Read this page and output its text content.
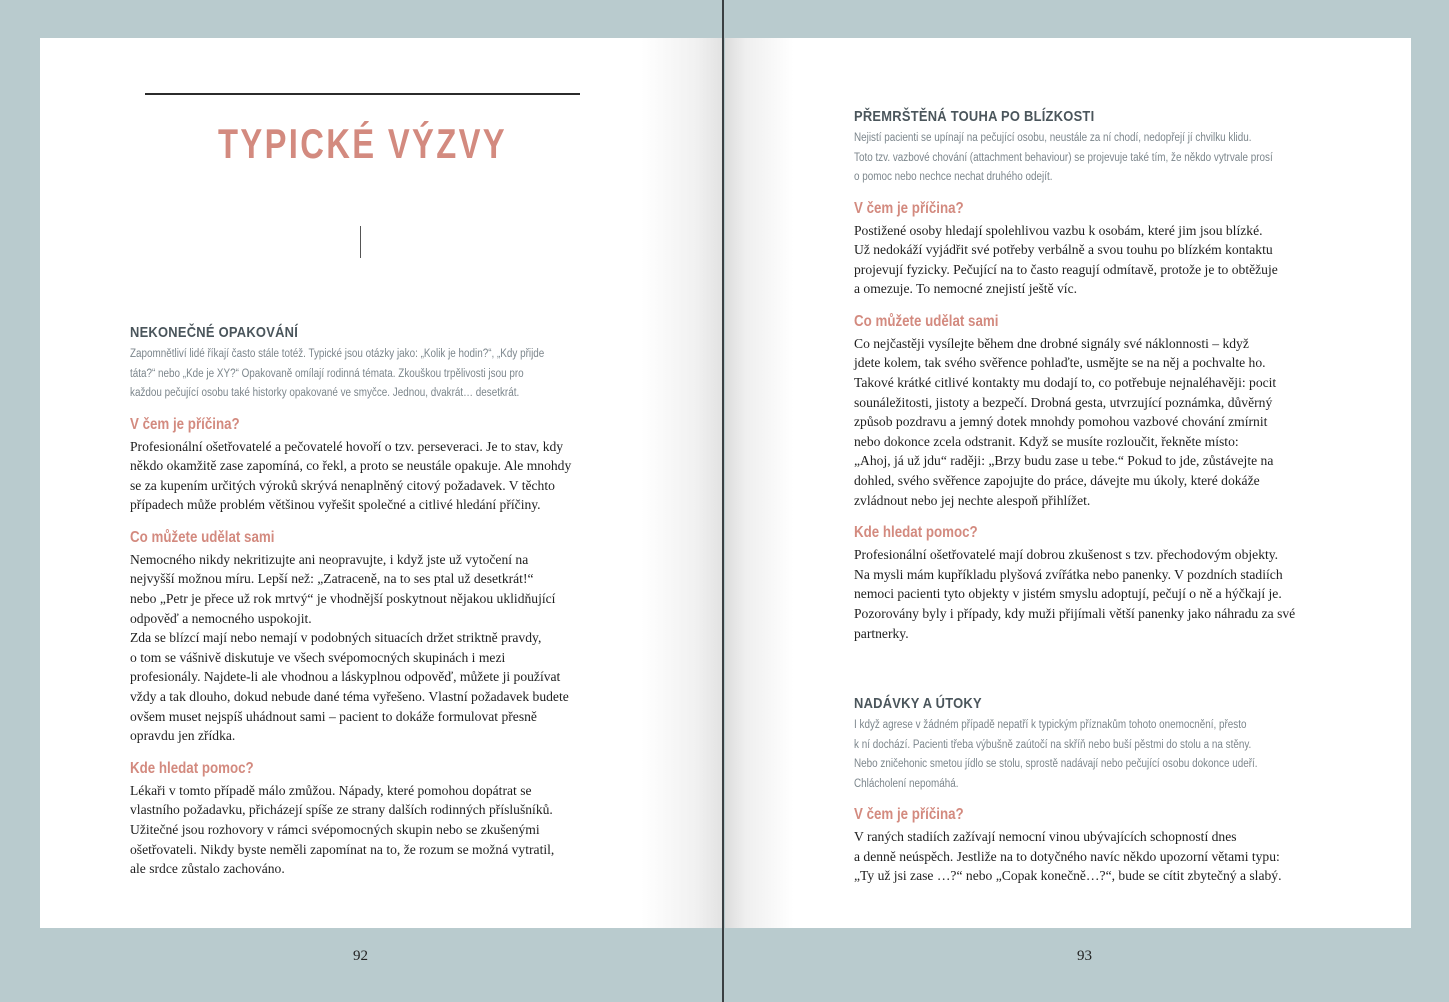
TYPICKÉ VÝZVY
NEKONEČNÉ OPAKOVÁNÍ
Zapomnětliví lidé říkají často stále totéž. Typické jsou otázky jako: „Kolik je hodin?“, „Kdy přijde
táta?“ nebo „Kde je XY?“ Opakovaně omílají rodinná témata. Zkouškou trpělivosti jsou pro
každou pečující osobu také historky opakované ve smyčce. Jednou, dvakrát… desetkrát.
V čem je příčina?
Profesionální ošetřovatelé a pečovatelé hovoří o tzv. perseveraci. Je to stav, kdy
někdo okamžitě zase zapomíná, co řekl, a proto se neustále opakuje. Ale mnohdy
se za kupením určitých výroků skrývá nenaplněný citový požadavek. V těchto
případech může problém většinou vyřešit společné a citlivé hledání příčiny.
Co můžete udělat sami
Nemocného nikdy nekritizujte ani neopravujte, i když jste už vytočení na
nejvyšší možnou míru. Lepší než: „Zatraceně, na to ses ptal už desetkrát!“
nebo „Petr je přece už rok mrtvý“ je vhodnější poskytnout nějakou uklidňující
odpověď a nemocného uspokojit.
Zda se blízcí mají nebo nemají v podobných situacích držet striktně pravdy,
o tom se vášnivě diskutuje ve všech svépomocných skupinách i mezi
profesionály. Najdete-li ale vhodnou a láskyplnou odpověď, můžete ji používat
vždy a tak dlouho, dokud nebude dané téma vyřešeno. Vlastní požadavek budete
ovšem muset nejspíš uhádnout sami – pacient to dokáže formulovat přesně
opravdu jen zřídka.
Kde hledat pomoc?
Lékaři v tomto případě málo zmůžou. Nápady, které pomohou dopátrat se
vlastního požadavku, přicházejí spíše ze strany dalších rodinných příslušníků.
Užitečné jsou rozhovory v rámci svépomocných skupin nebo se zkušenými
ošetřovateli. Nikdy byste neměli zapomínat na to, že rozum se možná vytratil,
ale srdce zůstalo zachováno.
PŘEMRŠTĚNÁ TOUHA PO BLÍZKOSTI
Nejistí pacienti se upínají na pečující osobu, neustále za ní chodí, nedopřejí jí chvilku klidu.
Toto tzv. vazbové chování (attachment behaviour) se projevuje také tím, že někdo vytrvale prosí
o pomoc nebo nechce nechat druhého odejít.
V čem je příčina?
Postižené osoby hledají spolehlivou vazbu k osobám, které jim jsou blízké.
Už nedokáží vyjádřit své potřeby verbálně a svou touhu po blízkém kontaktu
projevují fyzicky. Pečující na to často reagují odmítavě, protože je to obtěžuje
a omezuje. To nemocné znejistí ještě víc.
Co můžete udělat sami
Co nejčastěji vysílejte během dne drobné signály své náklonnosti – když
jdete kolem, tak svého svěřence pohlaďte, usmějte se na něj a pochvalte ho.
Takové krátké citlivé kontakty mu dodají to, co potřebuje nejnaléhavěji: pocit
sounáležitosti, jistoty a bezpečí. Drobná gesta, utvrzující poznámka, důvěrný
způsob pozdravu a jemný dotek mnohdy pomohou vazbové chování zmírnit
nebo dokonce zcela odstranit. Když se musíte rozloučit, řekněte místo:
„Ahoj, já už jdu“ raději: „Brzy budu zase u tebe.“ Pokud to jde, zůstávejte na
dohled, svého svěřence zapojujte do práce, dávejte mu úkoly, které dokáže
zvládnout nebo jej nechte alespoň přihlížet.
Kde hledat pomoc?
Profesionální ošetřovatelé mají dobrou zkušenost s tzv. přechodovým objekty.
Na mysli mám kupříkladu plyšová zvířátka nebo panenky. V pozdních stadiích
nemoci pacienti tyto objekty v jistém smyslu adoptují, pečují o ně a hýčkají je.
Pozorovány byly i případy, kdy muži přijímali větší panenky jako náhradu za své
partnerky.
NADÁVKY A ÚTOKY
I když agrese v žádném případě nepatří k typickým příznakům tohoto onemocnění, přesto
k ní dochází. Pacienti třeba výbušně zaútočí na skříň nebo buší pěstmi do stolu a na stěny.
Nebo zničehonic smetou jídlo se stolu, sprostě nadávají nebo pečující osobu dokonce udeří.
Chlácholení nepomáhá.
V čem je příčina?
V raných stadiích zažívají nemocní vinou ubývajících schopností dnes
a denně neúspěch. Jestliže na to dotyčného navíc někdo upozorní větami typu:
„Ty už jsi zase …?“ nebo „Copak konečně…?“, bude se cítit zbytečný a slabý.
92	93
